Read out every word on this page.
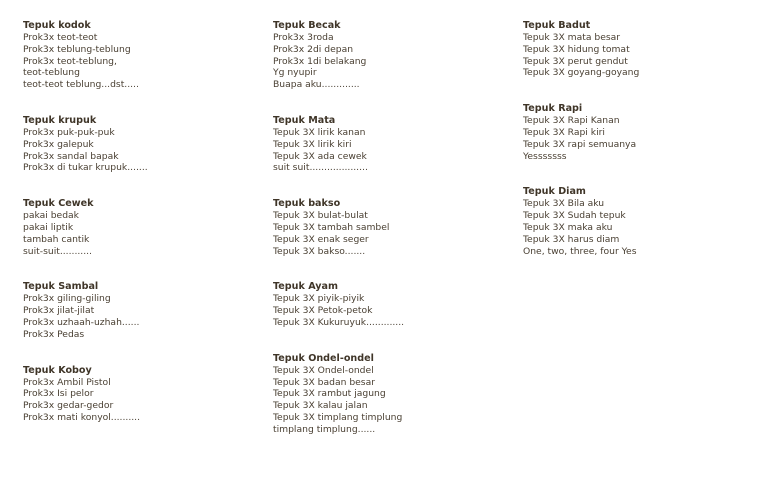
Tepuk kodok
Prok3x teot-teot
Prok3x teblung-teblung
Prok3x teot-teblung,
teot-teblung
teot-teot teblung...dst.....
Tepuk krupuk
Prok3x puk-puk-puk
Prok3x galepuk
Prok3x sandal bapak
Prok3x di tukar krupuk.......
Tepuk Cewek
pakai bedak
pakai liptik
tambah cantik
suit-suit...........
Tepuk Sambal
Prok3x giling-giling
Prok3x jilat-jilat
Prok3x uzhaah-uzhah......
Prok3x Pedas
Tepuk Koboy
Prok3x Ambil Pistol
Prok3x Isi pelor
Prok3x gedar-gedor
Prok3x mati konyol..........
Tepuk Becak
Prok3x 3roda
Prok3x 2di depan
Prok3x 1di belakang
Yg nyupir
Buapa aku.............
Tepuk Mata
Tepuk 3X lirik kanan
Tepuk 3X lirik kiri
Tepuk 3X ada cewek
suit suit....................
Tepuk bakso
Tepuk 3X bulat-bulat
Tepuk 3X tambah sambel
Tepuk 3X enak seger
Tepuk 3X bakso.......
Tepuk Ayam
Tepuk 3X piyik-piyik
Tepuk 3X Petok-petok
Tepuk 3X Kukuruyuk.............
Tepuk Ondel-ondel
Tepuk 3X Ondel-ondel
Tepuk 3X badan besar
Tepuk 3X rambut jagung
Tepuk 3X kalau jalan
Tepuk 3X timplang timplung
timplang timplung......
Tepuk Badut
Tepuk 3X mata besar
Tepuk 3X hidung tomat
Tepuk 3X perut gendut
Tepuk 3X goyang-goyang
Tepuk Rapi
Tepuk 3X Rapi Kanan
Tepuk 3X Rapi kiri
Tepuk 3X rapi semuanya
Yesssssss
Tepuk Diam
Tepuk 3X Bila aku
Tepuk 3X Sudah tepuk
Tepuk 3X maka aku
Tepuk 3X harus diam
One, two, three, four Yes
